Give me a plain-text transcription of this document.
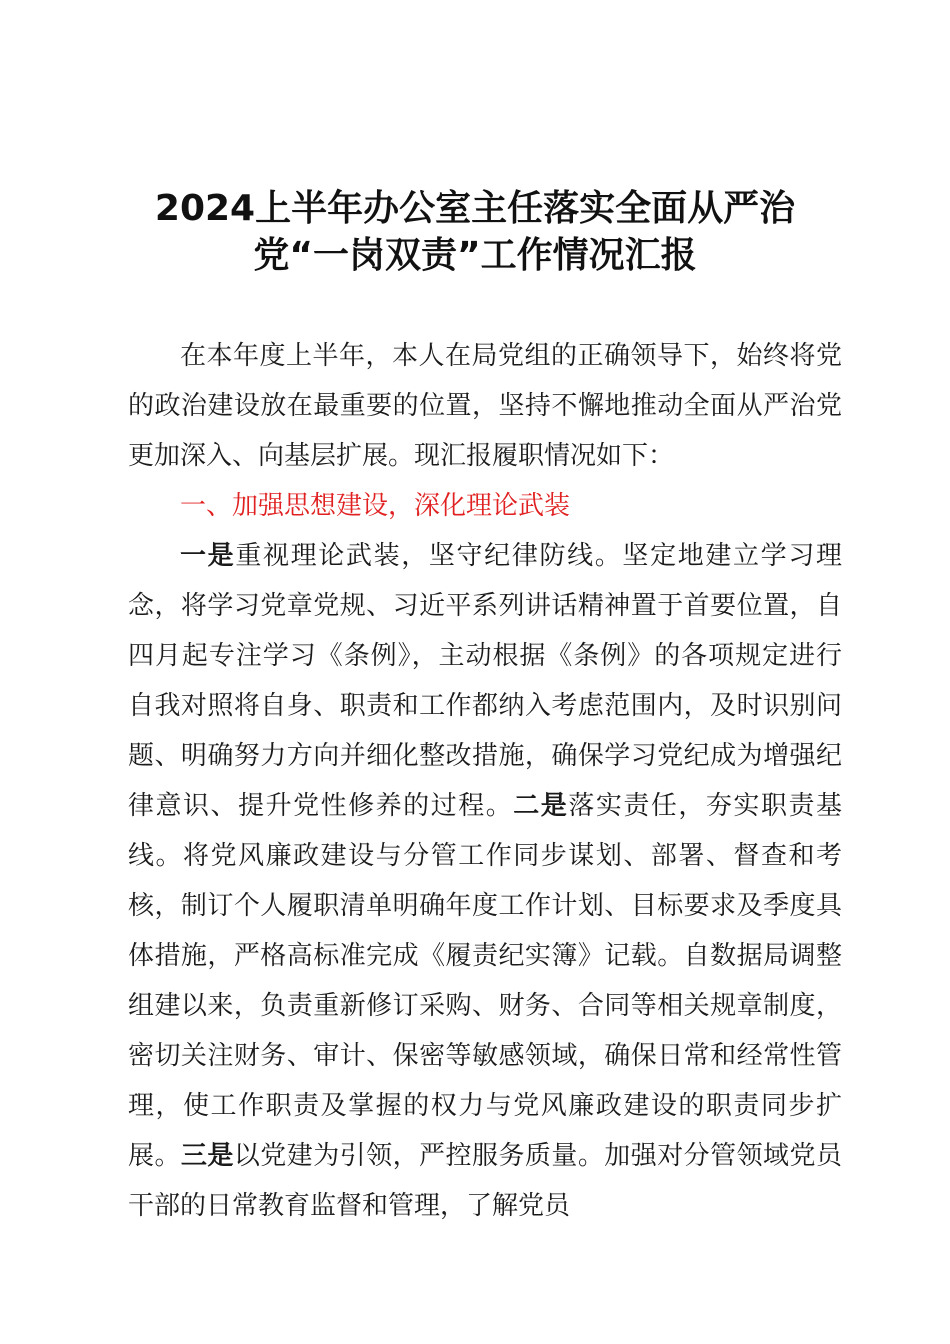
2024上半年办公室主任落实全面从严治党“一岗双责”工作情况汇报

在本年度上半年，本人在局党组的正确领导下，始终将党的政治建设放在最重要的位置，坚持不懈地推动全面从严治党更加深入、向基层扩展。现汇报履职情况如下：

一、加强思想建设，深化理论武装

一是重视理论武装，坚守纪律防线。坚定地建立学习理念，将学习党章党规、习近平系列讲话精神置于首要位置，自四月起专注学习《条例》，主动根据《条例》的各项规定进行自我对照将自身、职责和工作都纳入考虑范围内，及时识别问题、明确努力方向并细化整改措施，确保学习党纪成为增强纪律意识、提升党性修养的过程。二是落实责任，夯实职责基线。将党风廉政建设与分管工作同步谋划、部署、督查和考核，制订个人履职清单明确年度工作计划、目标要求及季度具体措施，严格高标准完成《履责纪实簿》记载。自数据局调整组建以来，负责重新修订采购、财务、合同等相关规章制度，密切关注财务、审计、保密等敏感领域，确保日常和经常性管理，使工作职责及掌握的权力与党风廉政建设的职责同步扩展。三是以党建为引领，严控服务质量。加强对分管领域党员干部的日常教育监督和管理，了解党员
